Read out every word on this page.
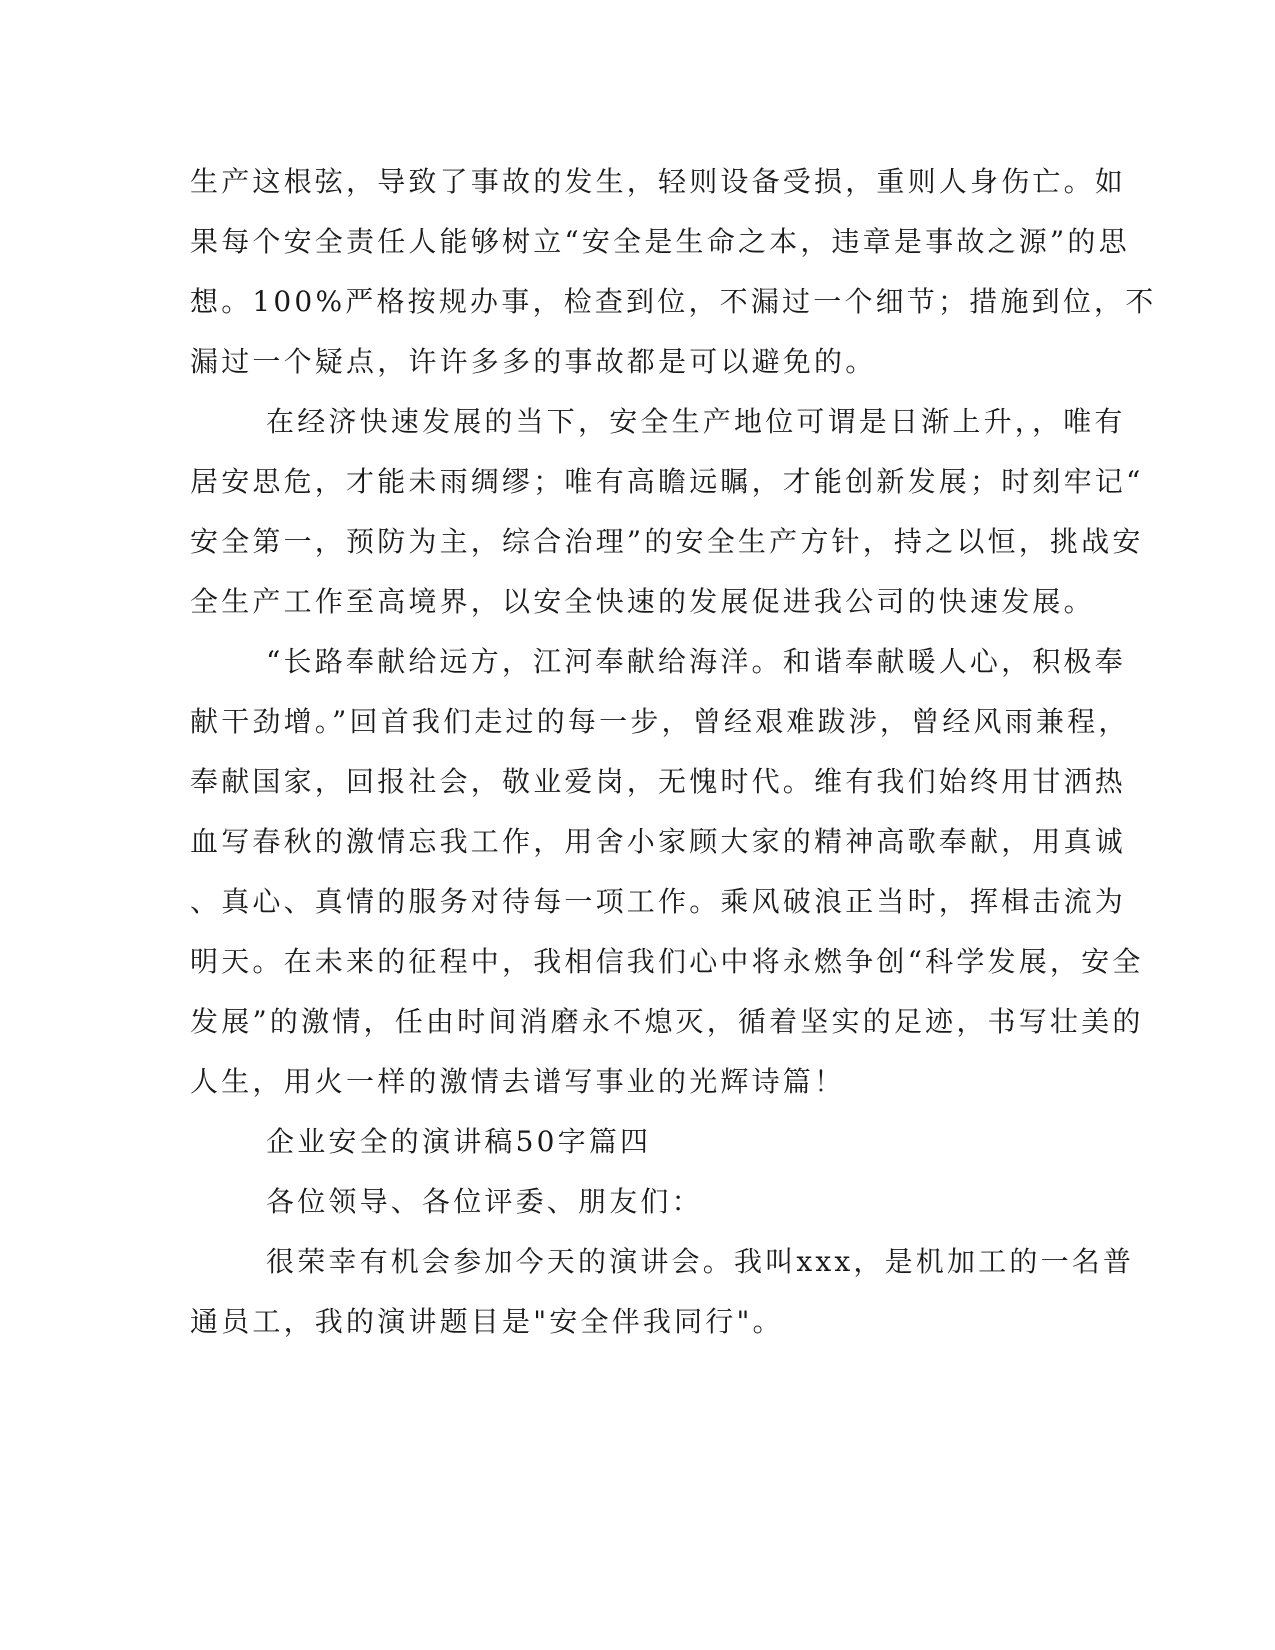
生产这根弦，导致了事故的发生，轻则设备受损，重则人身伤亡。如
果每个安全责任人能够树立“安全是生命之本，违章是事故之源”的思
想。100%严格按规办事，检查到位，不漏过一个细节；措施到位，不
漏过一个疑点，许许多多的事故都是可以避免的。
在经济快速发展的当下，安全生产地位可谓是日渐上升，，唯有
居安思危，才能未雨绸缪；唯有高瞻远瞩，才能创新发展；时刻牢记“
安全第一，预防为主，综合治理”的安全生产方针，持之以恒，挑战安
全生产工作至高境界，以安全快速的发展促进我公司的快速发展。
“长路奉献给远方，江河奉献给海洋。和谐奉献暖人心，积极奉
献干劲增。”回首我们走过的每一步，曾经艰难跋涉，曾经风雨兼程，
奉献国家，回报社会，敬业爱岗，无愧时代。维有我们始终用甘洒热
血写春秋的激情忘我工作，用舍小家顾大家的精神高歌奉献，用真诚
、真心、真情的服务对待每一项工作。乘风破浪正当时，挥楫击流为
明天。在未来的征程中，我相信我们心中将永燃争创“科学发展，安全
发展”的激情，任由时间消磨永不熄灭，循着坚实的足迹，书写壮美的
人生，用火一样的激情去谱写事业的光辉诗篇！
企业安全的演讲稿50字篇四
各位领导、各位评委、朋友们：
很荣幸有机会参加今天的演讲会。我叫xxx，是机加工的一名普
通员工，我的演讲题目是"安全伴我同行"。
